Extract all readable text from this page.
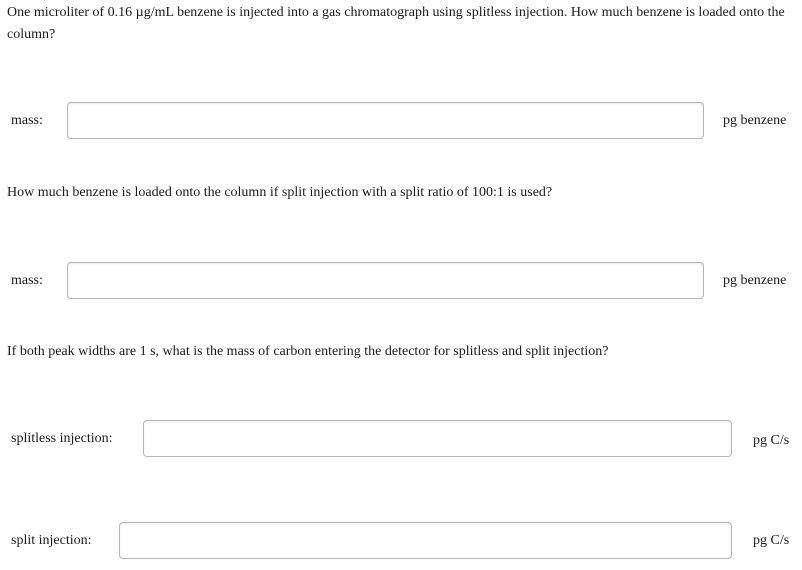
One microliter of 0.16 µg/mL benzene is injected into a gas chromatograph using splitless injection. How much benzene is loaded onto the column?

mass:	pg benzene

How much benzene is loaded onto the column if split injection with a split ratio of 100:1 is used?

mass:	pg benzene

If both peak widths are 1 s, what is the mass of carbon entering the detector for splitless and split injection?

splitless injection:	pg C/s
split injection:	pg C/s
